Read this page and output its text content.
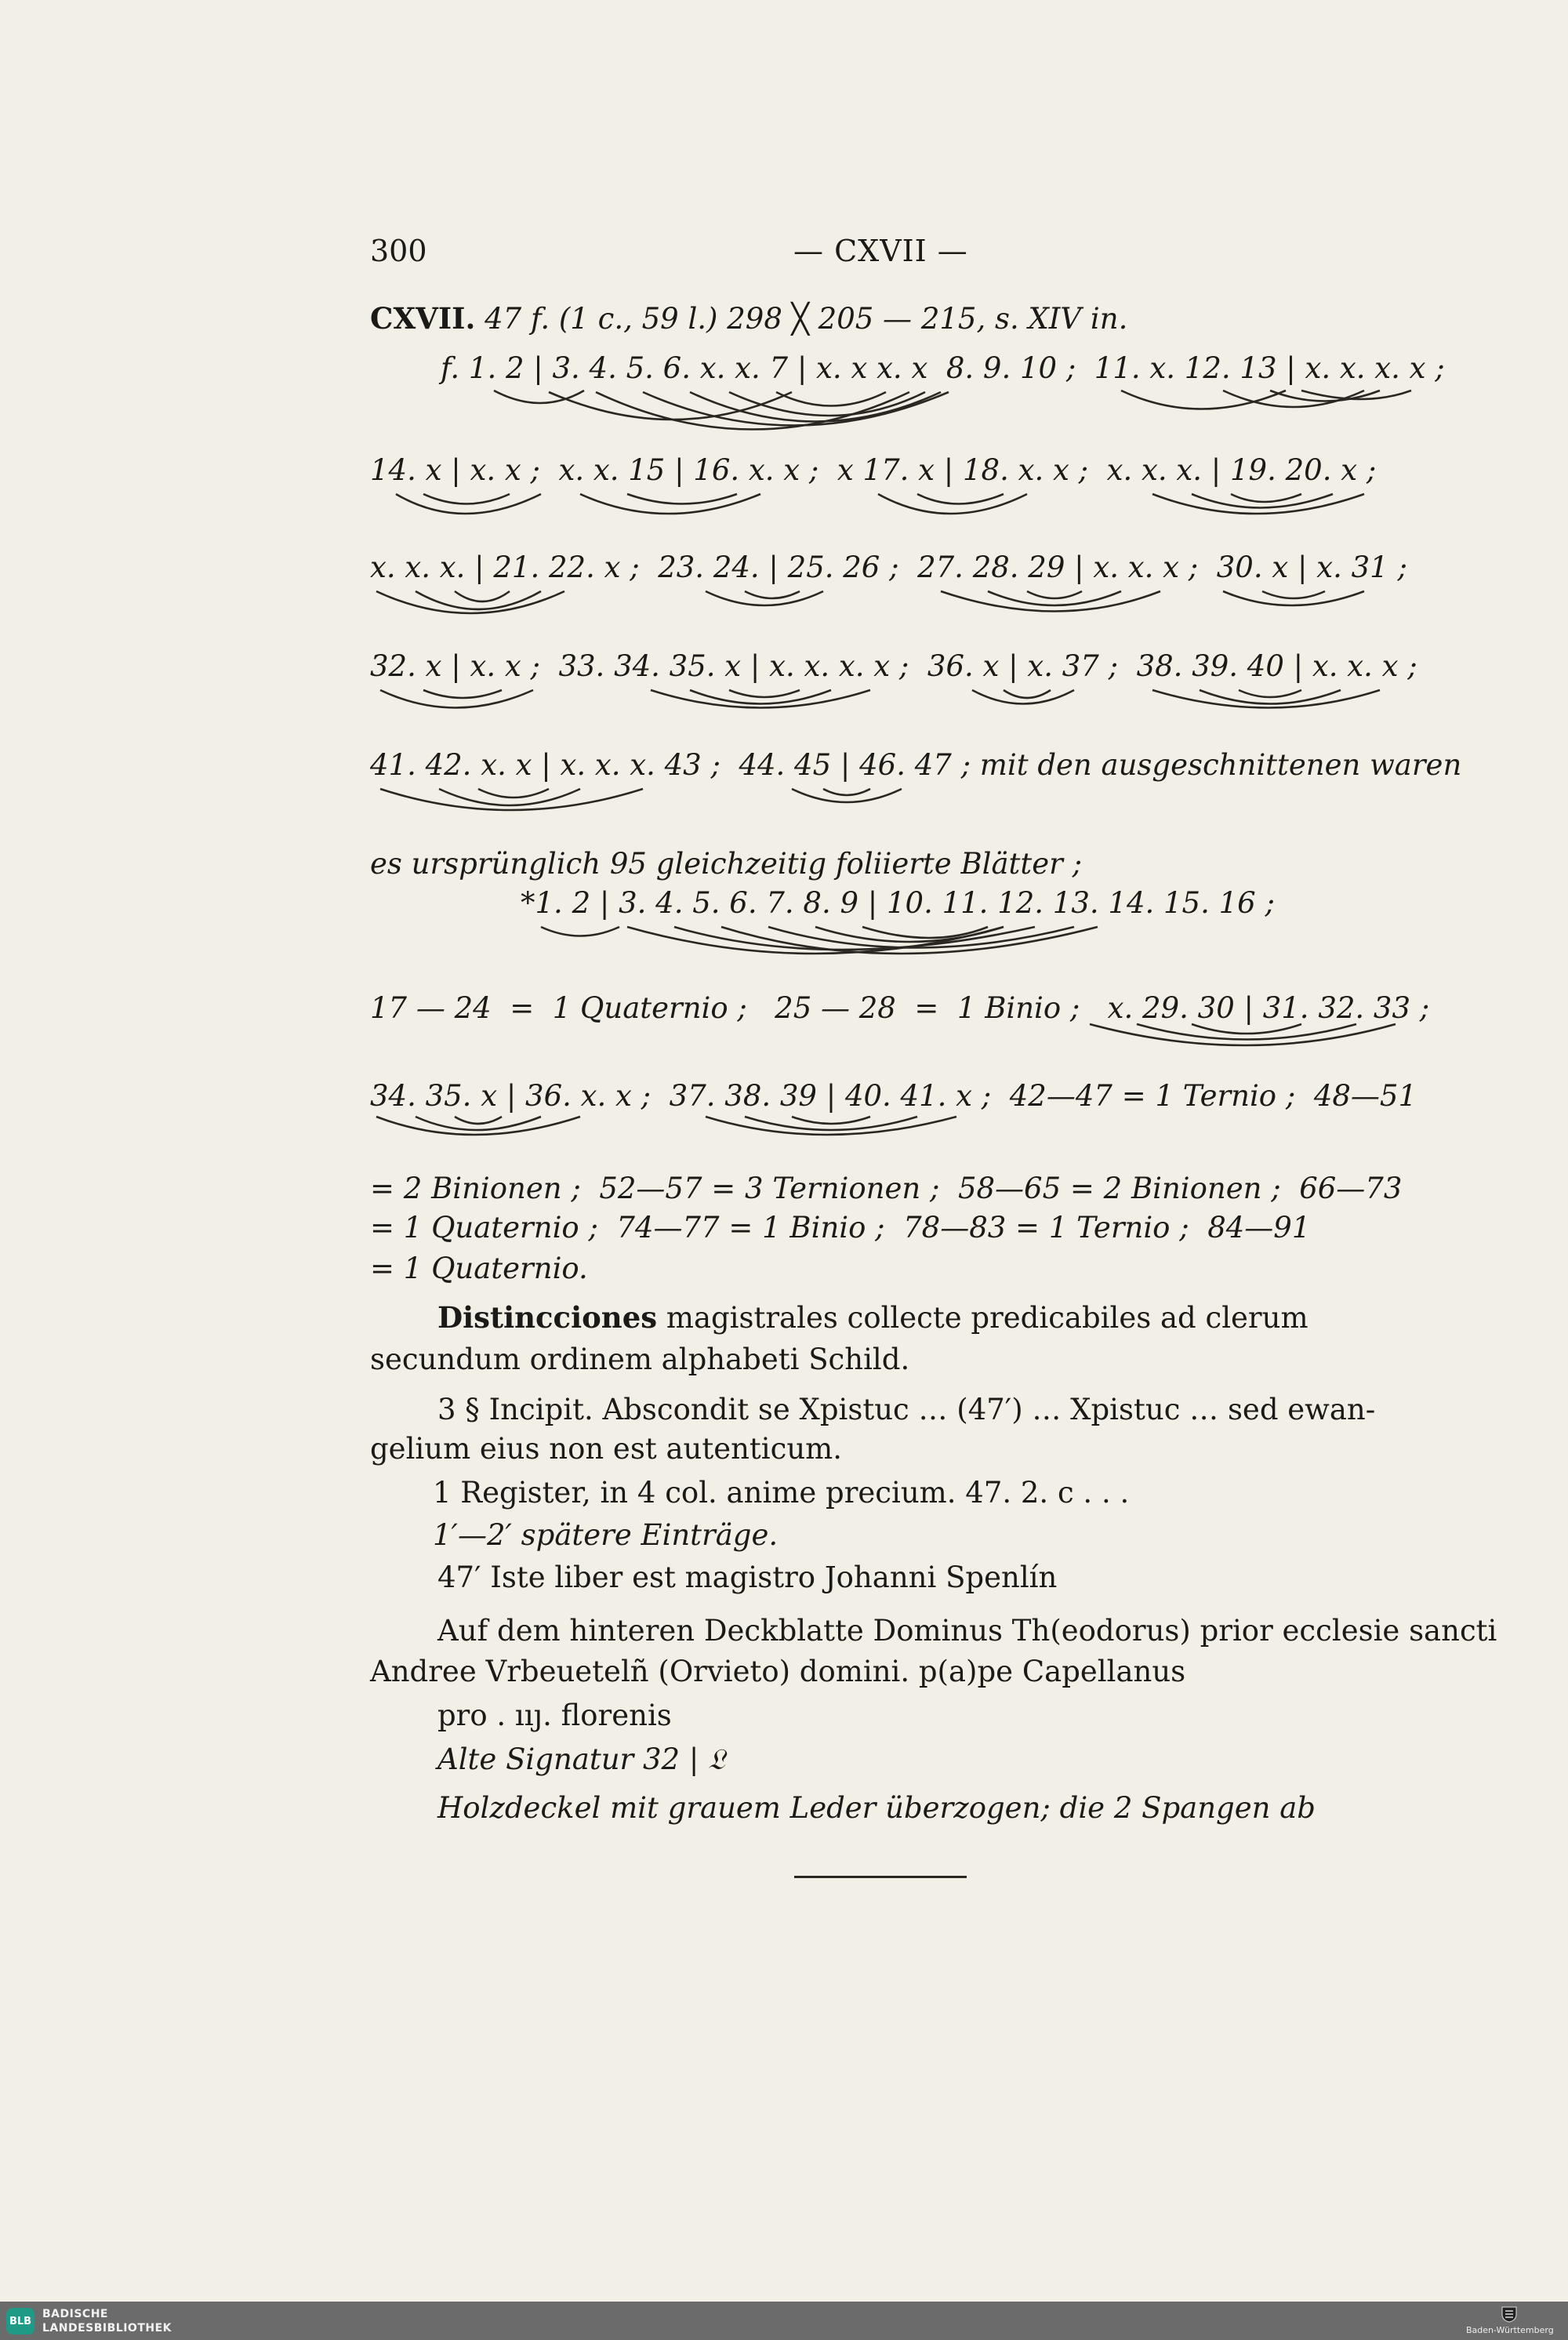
300	— CXVII —
CXVII. 47 f. (1 c., 59 l.) 298 ╳ 205 — 215, s. XIV in.
f. 1. 2 | 3. 4. 5. 6. x. x. 7 | x. x x. x  8. 9. 10 ;  11. x. 12. 13 | x. x. x. x ;
14. x | x. x ;  x. x. 15 | 16. x. x ;  x 17. x | 18. x. x ;  x. x. x. | 19. 20. x ;
x. x. x. | 21. 22. x ;  23. 24. | 25. 26 ;  27. 28. 29 | x. x. x ;  30. x | x. 31 ;
32. x | x. x ;  33. 34. 35. x | x. x. x. x ;  36. x | x. 37 ;  38. 39. 40 | x. x. x ;
41. 42. x. x | x. x. x. 43 ;  44. 45 | 46. 47 ; mit den ausgeschnittenen waren
es ursprünglich 95 gleichzeitig foliierte Blätter ;
*1. 2 | 3. 4. 5. 6. 7. 8. 9 | 10. 11. 12. 13. 14. 15. 16 ;
17 — 24  =  1 Quaternio ;   25 — 28  =  1 Binio ;   x. 29. 30 | 31. 32. 33 ;
34. 35. x | 36. x. x ;  37. 38. 39 | 40. 41. x ;  42—47 = 1 Ternio ;  48—51
= 2 Binionen ;  52—57 = 3 Ternionen ;  58—65 = 2 Binionen ;  66—73
= 1 Quaternio ;  74—77 = 1 Binio ;  78—83 = 1 Ternio ;  84—91
= 1 Quaternio.
Distincciones magistrales collecte predicabiles ad clerum
secundum ordinem alphabeti Schild.
3 § Incipit. Abscondit se Xpistuc … (47′) … Xpistuc … sed ewan-
gelium eius non est autenticum.
1 Register, in 4 col. anime precium. 47. 2. c . . .
1′—2′ spätere Einträge.
47′ Iste liber est magistro Johanni Spenlín
Auf dem hinteren Deckblatte Dominus Th(eodorus) prior ecclesie sancti
Andree Vrbeuetelñ (Orvieto) domini. p(a)pe Capellanus
pro . ııȷ. florenis
Alte Signatur 32 | 𝔏
Holzdeckel mit grauem Leder überzogen; die 2 Spangen ab
BLB
BADISCHE
LANDESBIBLIOTHEK	Baden-Württemberg
